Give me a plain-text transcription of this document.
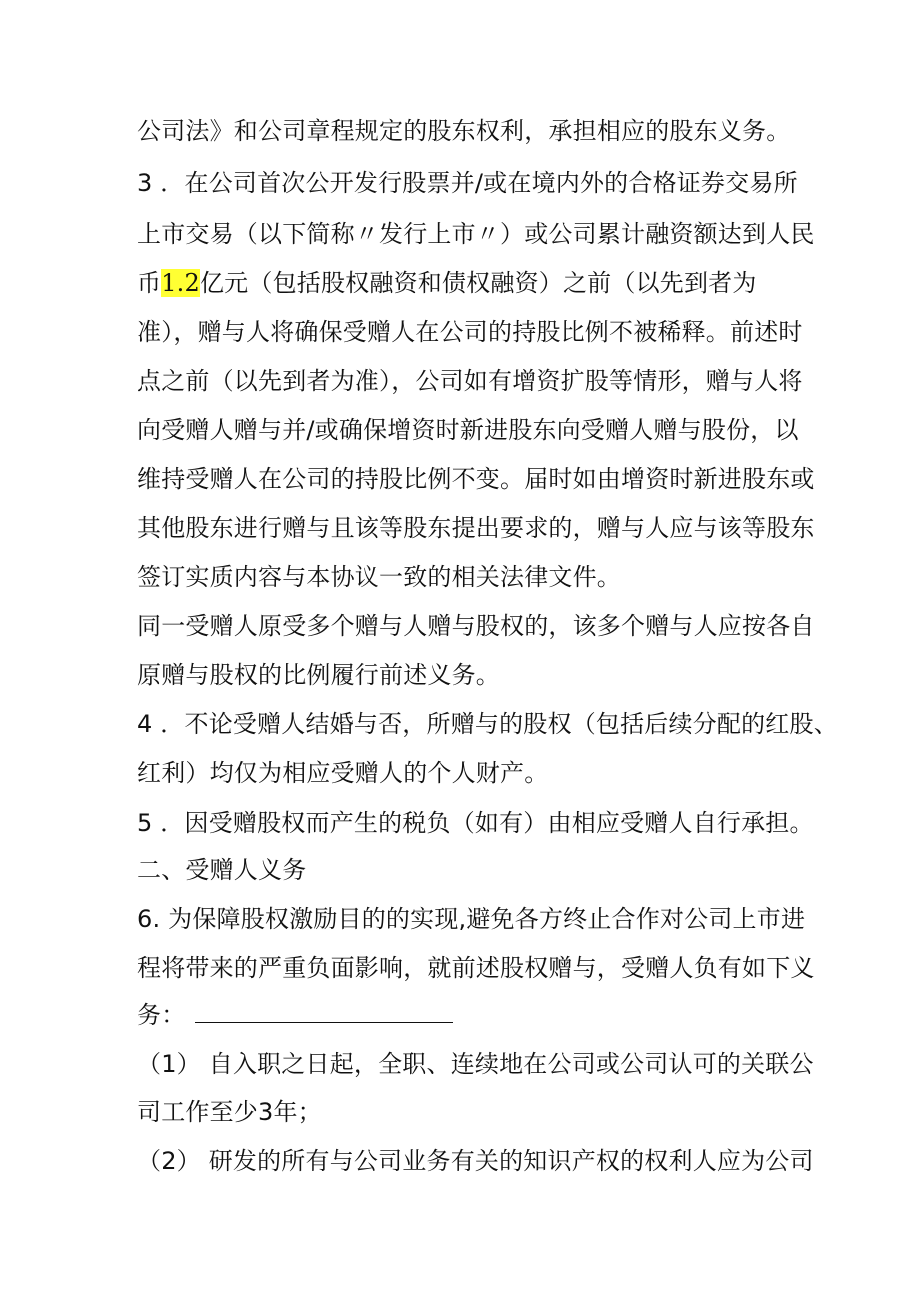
公司法》和公司章程规定的股东权利，承担相应的股东义务。
3 ．在公司首次公开发行股票并/或在境内外的合格证券交易所
上市交易（以下简称〃发行上市〃）或公司累计融资额达到人民
币1.2亿元（包括股权融资和债权融资）之前（以先到者为
准），赠与人将确保受赠人在公司的持股比例不被稀释。前述时
点之前（以先到者为准），公司如有增资扩股等情形，赠与人将
向受赠人赠与并/或确保增资时新进股东向受赠人赠与股份，以
维持受赠人在公司的持股比例不变。届时如由增资时新进股东或
其他股东进行赠与且该等股东提出要求的，赠与人应与该等股东
签订实质内容与本协议一致的相关法律文件。
同一受赠人原受多个赠与人赠与股权的，该多个赠与人应按各自
原赠与股权的比例履行前述义务。
4 ．不论受赠人结婚与否，所赠与的股权（包括后续分配的红股、
红利）均仅为相应受赠人的个人财产。
5 ．因受赠股权而产生的税负（如有）由相应受赠人自行承担。
二、受赠人义务
6. 为保障股权激励目的的实现,避免各方终止合作对公司上市进
程将带来的严重负面影响，就前述股权赠与，受赠人负有如下义
务：
（1） 自入职之日起，全职、连续地在公司或公司认可的关联公
司工作至少3年；
（2） 研发的所有与公司业务有关的知识产权的权利人应为公司
